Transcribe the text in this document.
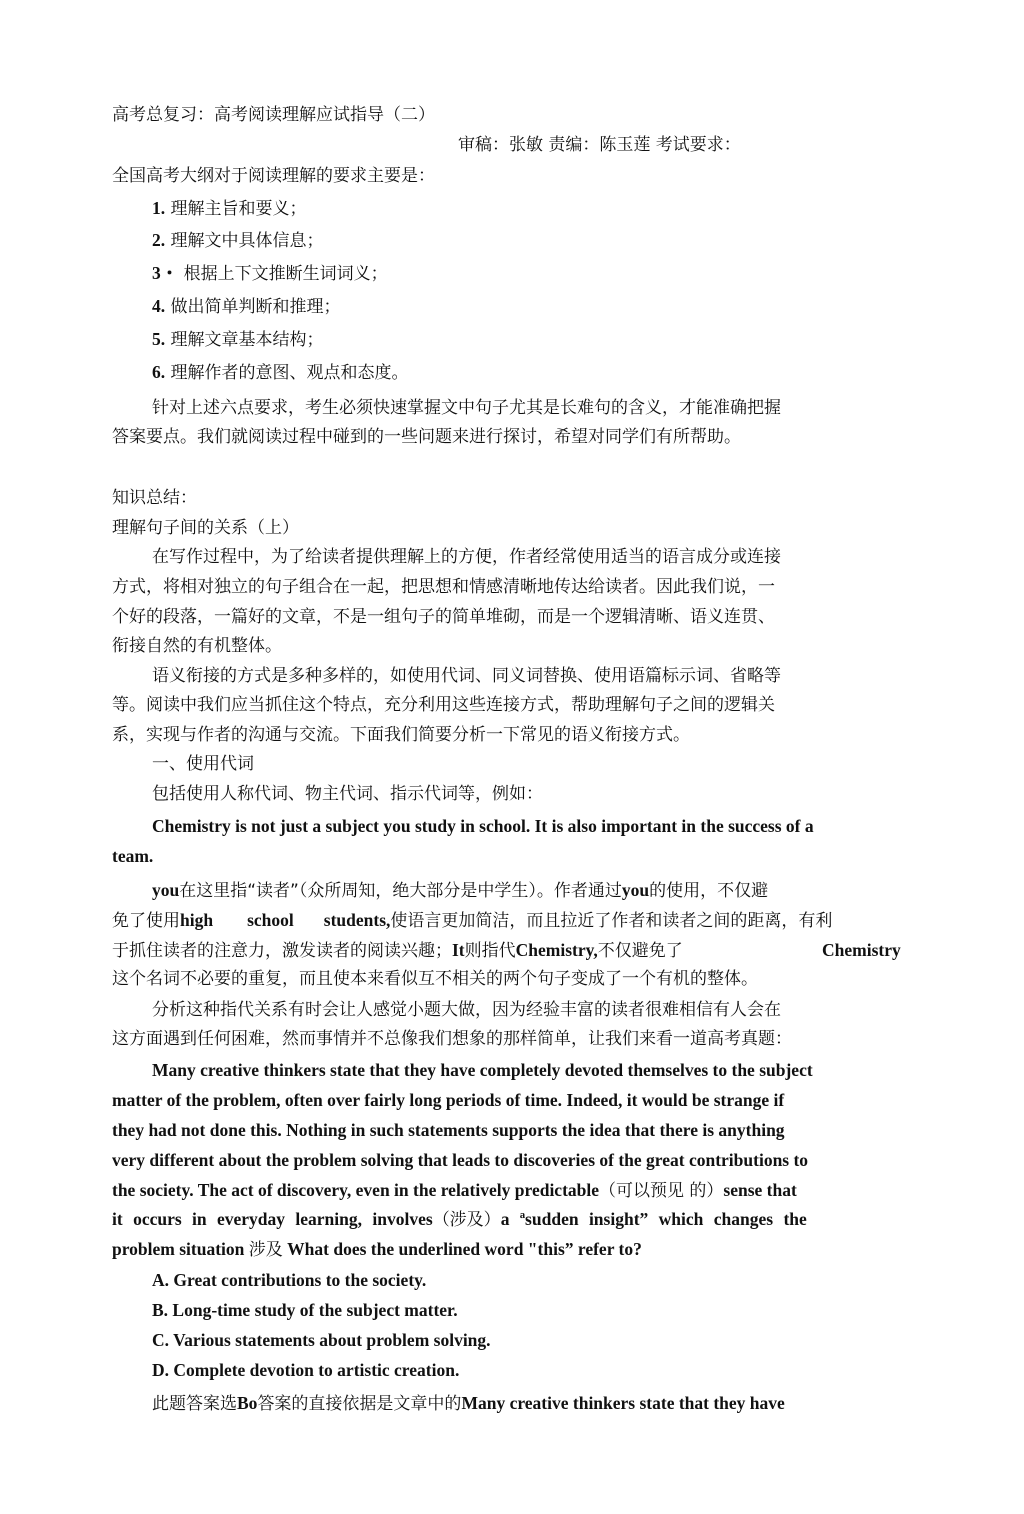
高考总复习：高考阅读理解应试指导（二）
审稿：张敏 责编：陈玉莲 考试要求：
全国高考大纲对于阅读理解的要求主要是：
1. 理解主旨和要义；
2. 理解文中具体信息；
3・ 根据上下文推断生词词义；
4. 做出简单判断和推理；
5. 理解文章基本结构；
6. 理解作者的意图、观点和态度。
针对上述六点要求，考生必须快速掌握文中句子尤其是长难句的含义，才能准确把握
答案要点。我们就阅读过程中碰到的一些问题来进行探讨，希望对同学们有所帮助。
知识总结：
理解句子间的关系（上）
在写作过程中，为了给读者提供理解上的方便，作者经常使用适当的语言成分或连接
方式，将相对独立的句子组合在一起，把思想和情感清晰地传达给读者。因此我们说，一
个好的段落，一篇好的文章，不是一组句子的简单堆砌，而是一个逻辑清晰、语义连贯、
衔接自然的有机整体。
语义衔接的方式是多种多样的，如使用代词、同义词替换、使用语篇标示词、省略等
等。阅读中我们应当抓住这个特点，充分利用这些连接方式，帮助理解句子之间的逻辑关
系，实现与作者的沟通与交流。下面我们简要分析一下常见的语义衔接方式。
一、使用代词
包括使用人称代词、物主代词、指示代词等，例如：
Chemistry is not just a subject you study in school. It is also important in the success of a
team.
you在这里指“读者”（众所周知，绝大部分是中学生）。作者通过you的使用，不仅避
免了使用high school students,使语言更加简洁，而且拉近了作者和读者之间的距离，有利
于抓住读者的注意力，激发读者的阅读兴趣；It则指代Chemistry,不仅避免了	Chemistry
这个名词不必要的重复，而且使本来看似互不相关的两个句子变成了一个有机的整体。
分析这种指代关系有时会让人感觉小题大做，因为经验丰富的读者很难相信有人会在
这方面遇到任何困难，然而事情并不总像我们想象的那样简单，让我们来看一道高考真题：
Many creative thinkers state that they have completely devoted themselves to the subject
matter of the problem, often over fairly long periods of time. Indeed, it would be strange if
they had not done this. Nothing in such statements supports the idea that there is anything
very different about the problem solving that leads to discoveries of the great contributions to
the society. The act of discovery, even in the relatively predictable（可以预见 的）sense that
it occurs in everyday learning, involves（涉及）a ªsudden insight” which changes the
problem situation 涉及 What does the underlined word "this” refer to?
A. Great contributions to the society.
B. Long-time study of the subject matter.
C. Various statements about problem solving.
D. Complete devotion to artistic creation.
此题答案选Bo答案的直接依据是文章中的Many creative thinkers state that they have
